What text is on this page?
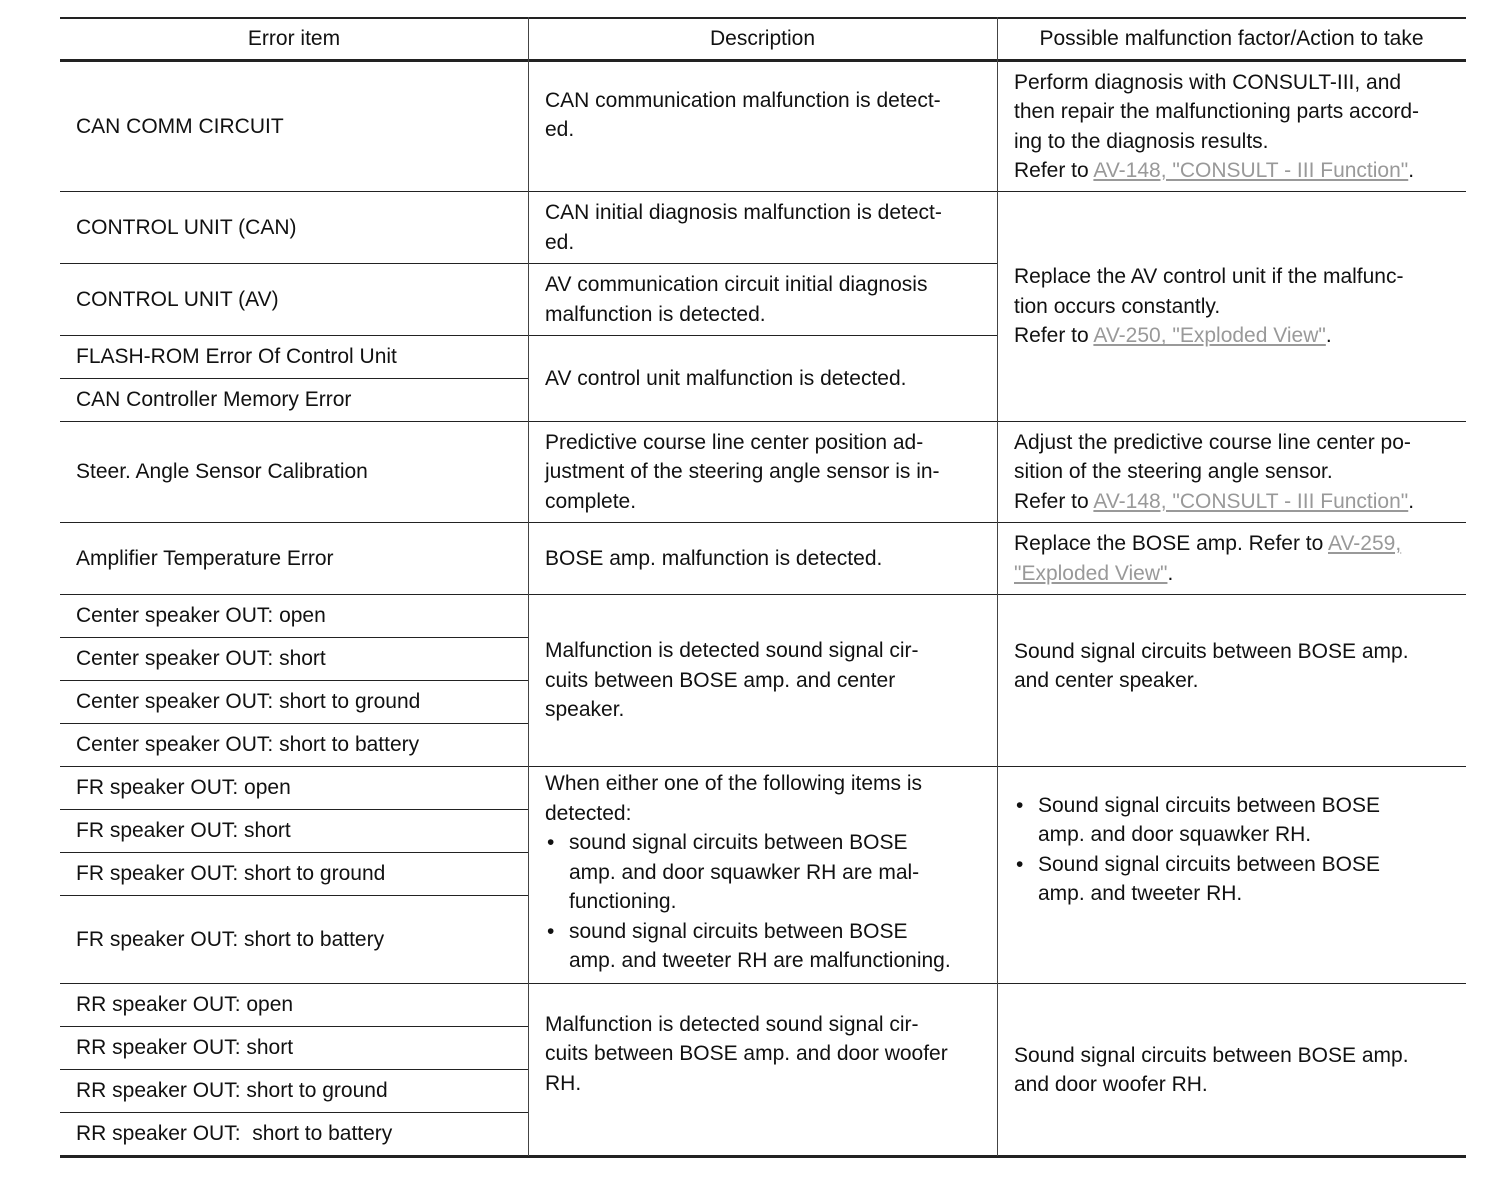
Error item	Description	Possible malfunction factor/Action to take
CAN COMM CIRCUIT
CONTROL UNIT (CAN)
CONTROL UNIT (AV)
FLASH-ROM Error Of Control Unit
CAN Controller Memory Error
Steer. Angle Sensor Calibration
Amplifier Temperature Error
Center speaker OUT: open
Center speaker OUT: short
Center speaker OUT: short to ground
Center speaker OUT: short to battery
FR speaker OUT: open
FR speaker OUT: short
FR speaker OUT: short to ground
FR speaker OUT: short to battery
RR speaker OUT: open
RR speaker OUT: short
RR speaker OUT: short to ground
RR speaker OUT:  short to battery
CAN communication malfunction is detect-
ed.
CAN initial diagnosis malfunction is detect-
ed.
AV communication circuit initial diagnosis
malfunction is detected.
AV control unit malfunction is detected.
Predictive course line center position ad-
justment of the steering angle sensor is in-
complete.
BOSE amp. malfunction is detected.
Malfunction is detected sound signal cir-
cuits between BOSE amp. and center
speaker.
When either one of the following items is
detected:
• sound signal circuits between BOSE
amp. and door squawker RH are mal-
functioning.
• sound signal circuits between BOSE
amp. and tweeter RH are malfunctioning.
Malfunction is detected sound signal cir-
cuits between BOSE amp. and door woofer
RH.
Perform diagnosis with CONSULT-III, and
then repair the malfunctioning parts accord-
ing to the diagnosis results.
Refer to AV-148, "CONSULT - III Function".
Replace the AV control unit if the malfunc-
tion occurs constantly.
Refer to AV-250, "Exploded View".
Adjust the predictive course line center po-
sition of the steering angle sensor.
Refer to AV-148, "CONSULT - III Function".
Replace the BOSE amp. Refer to AV-259,
"Exploded View".
Sound signal circuits between BOSE amp.
and center speaker.
• Sound signal circuits between BOSE
amp. and door squawker RH.
• Sound signal circuits between BOSE
amp. and tweeter RH.
Sound signal circuits between BOSE amp.
and door woofer RH.
